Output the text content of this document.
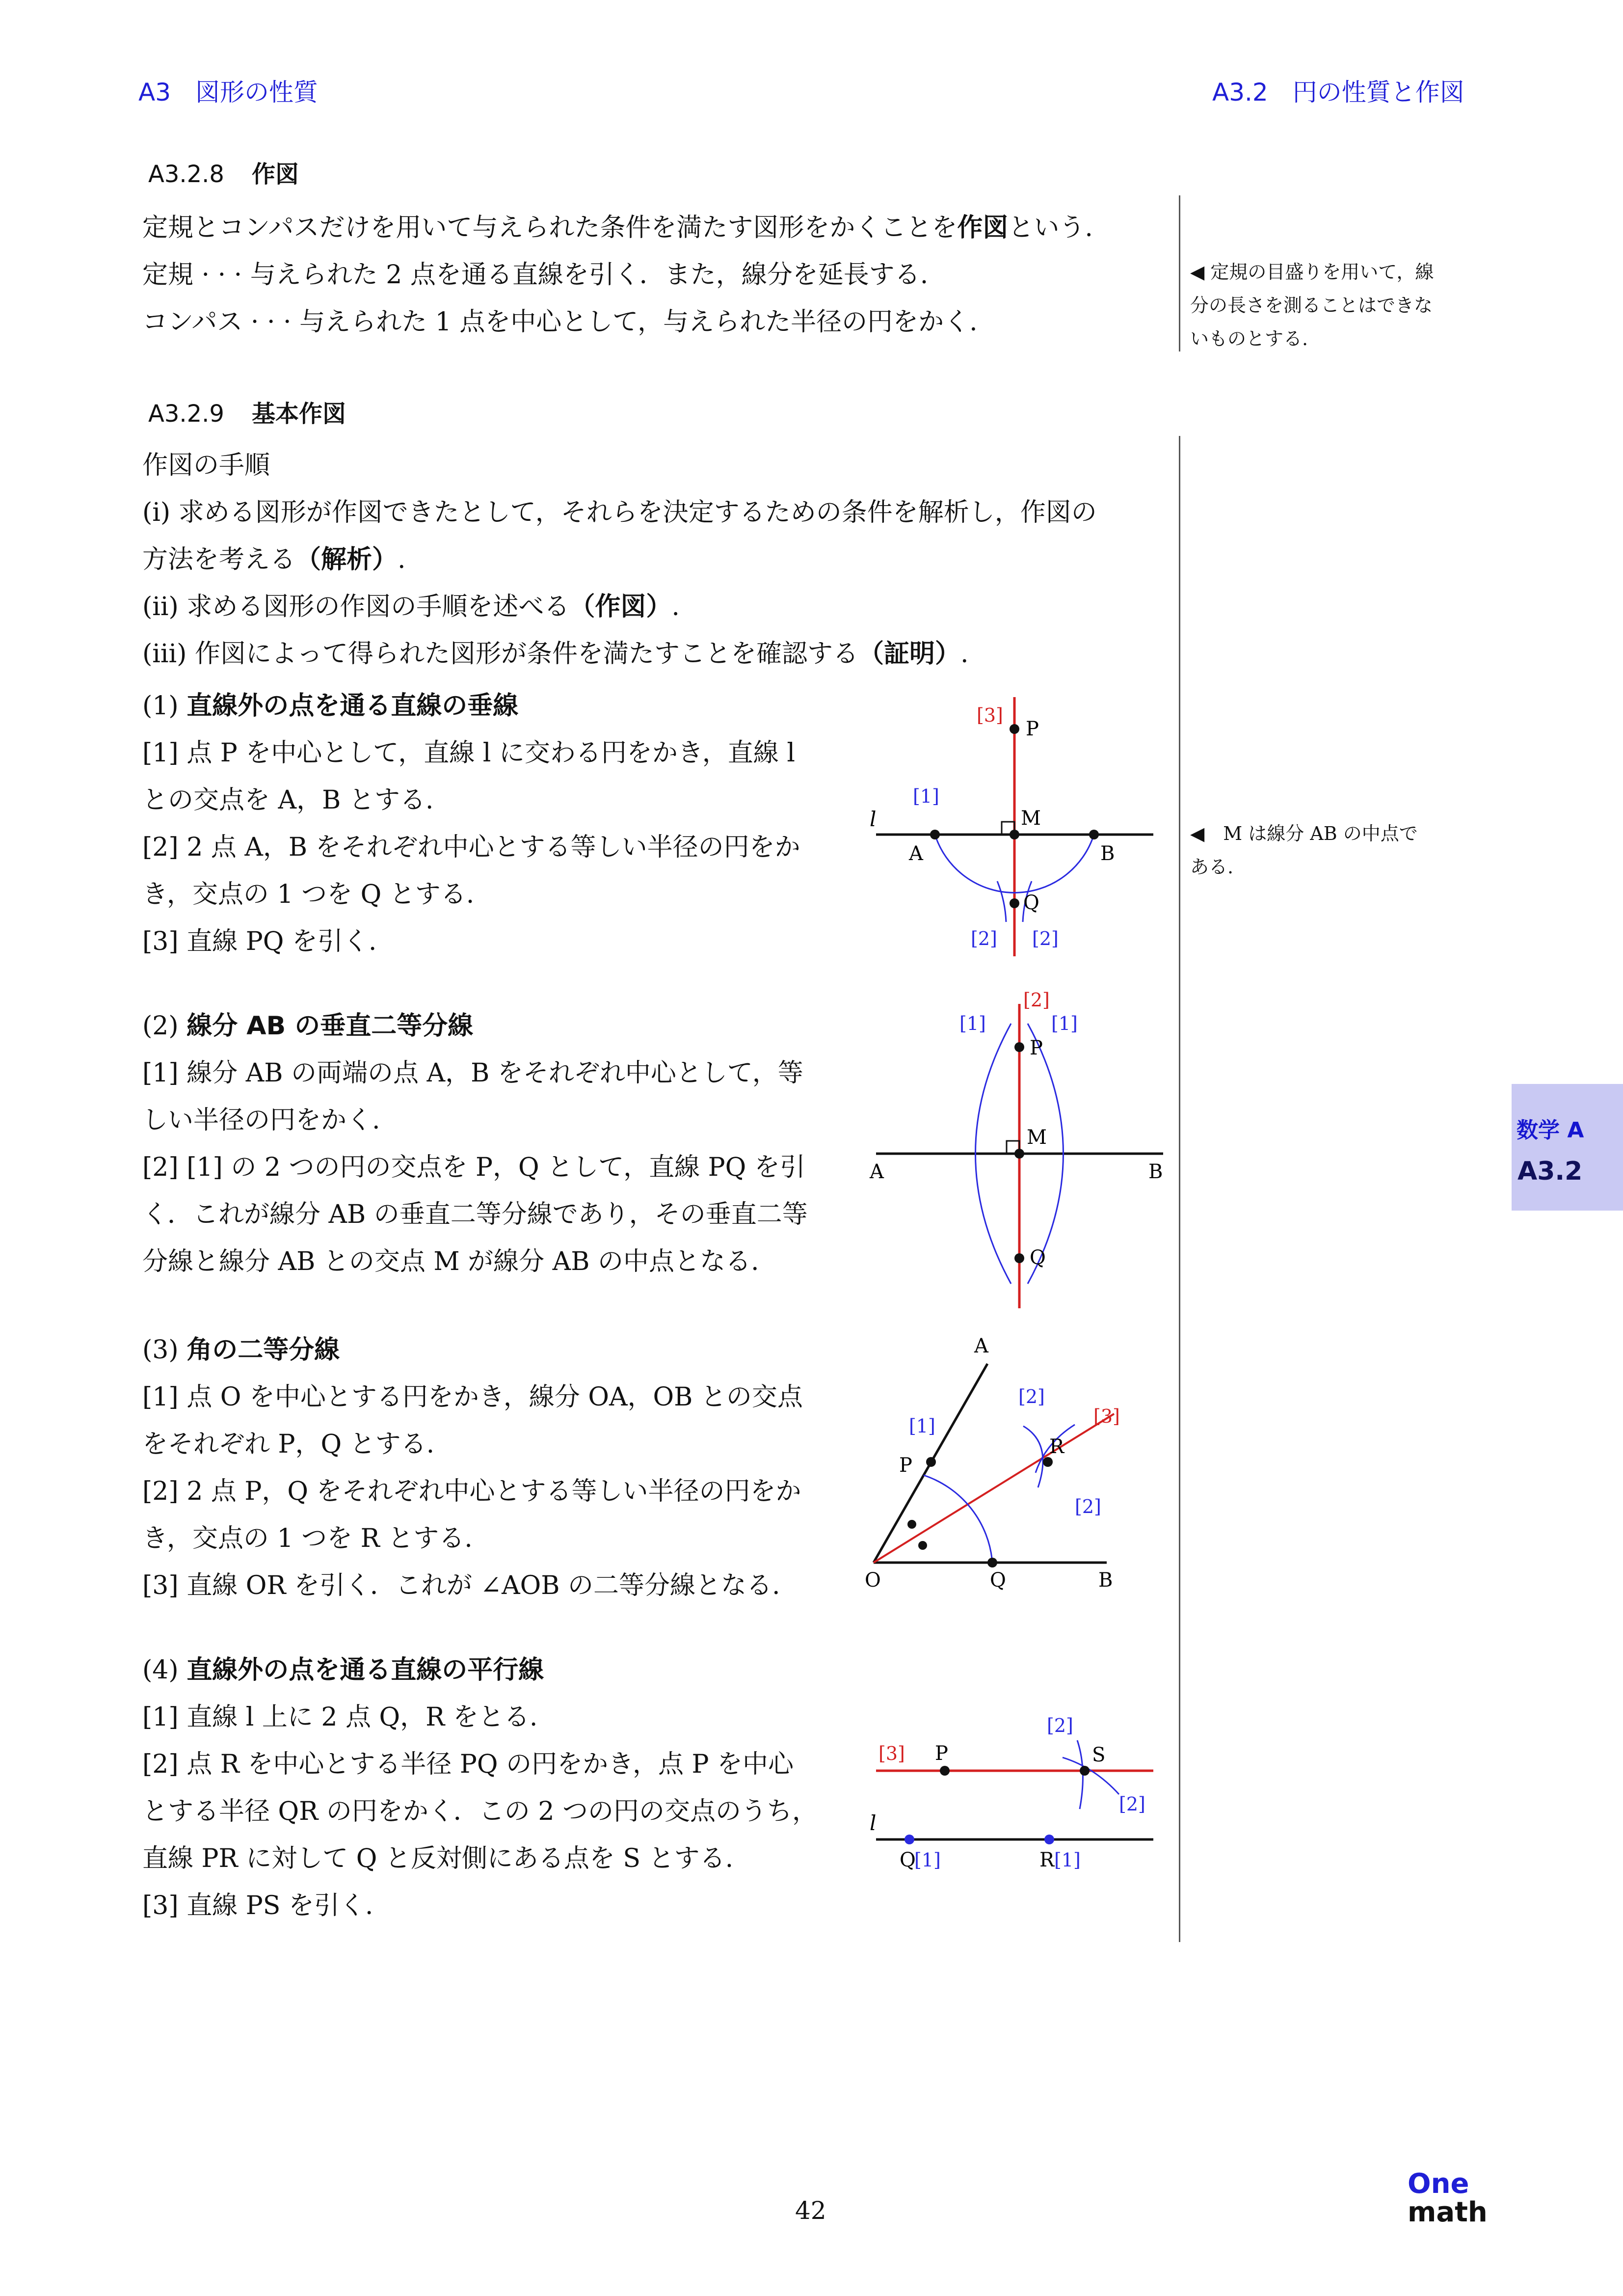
A3　図形の性質	A3.2　円の性質と作図
A3.2.8 作図
定規とコンパスだけを用いて与えられた条件を満たす図形をかくことを作図という.
定規 · · · 与えられた 2 点を通る直線を引く．また，線分を延長する.
コンパス · · · 与えられた 1 点を中心として，与えられた半径の円をかく.
◀ 定規の目盛りを用いて，線
分の長さを測ることはできな
いものとする.
A3.2.9 基本作図
作図の手順
(i) 求める図形が作図できたとして，それらを決定するための条件を解析し，作図の
方法を考える（解析）.
(ii) 求める図形の作図の手順を述べる（作図）.
(iii) 作図によって得られた図形が条件を満たすことを確認する（証明）.
(1) 直線外の点を通る直線の垂線
[1] 点 P を中心として，直線 l に交わる円をかき，直線 l
との交点を A，B とする.
[2] 2 点 A，B をそれぞれ中心とする等しい半径の円をか
き，交点の 1 つを Q とする.
[3] 直線 PQ を引く.
◀　M は線分 AB の中点で
ある.
(2) 線分 AB の垂直二等分線
[1] 線分 AB の両端の点 A，B をそれぞれ中心として，等
しい半径の円をかく.
[2] [1] の 2 つの円の交点を P，Q として，直線 PQ を引
く．これが線分 AB の垂直二等分線であり，その垂直二等
分線と線分 AB との交点 M が線分 AB の中点となる.
(3) 角の二等分線
[1] 点 O を中心とする円をかき，線分 OA，OB との交点
をそれぞれ P，Q とする.
[2] 2 点 P，Q をそれぞれ中心とする等しい半径の円をか
き，交点の 1 つを R とする.
[3] 直線 OR を引く．これが ∠AOB の二等分線となる.
(4) 直線外の点を通る直線の平行線
[1] 直線 l 上に 2 点 Q，R をとる.
[2] 点 R を中心とする半径 PQ の円をかき，点 P を中心
とする半径 QR の円をかく．この 2 つの円の交点のうち，
直線 PR に対して Q と反対側にある点を S とする.
[3] 直線 PS を引く.
P
M
A	B
Q
l
[3]
[1]
[2] [2]
P
M
Q
A	B
[2]
[1]	[1]
A
P
R
O	Q	B
[1]
[2]
[2]
[3]
P	S
l
Q	R
[3]
[2]
[2]
[1]	[1]
数学 A
A3.2
42
One
math
